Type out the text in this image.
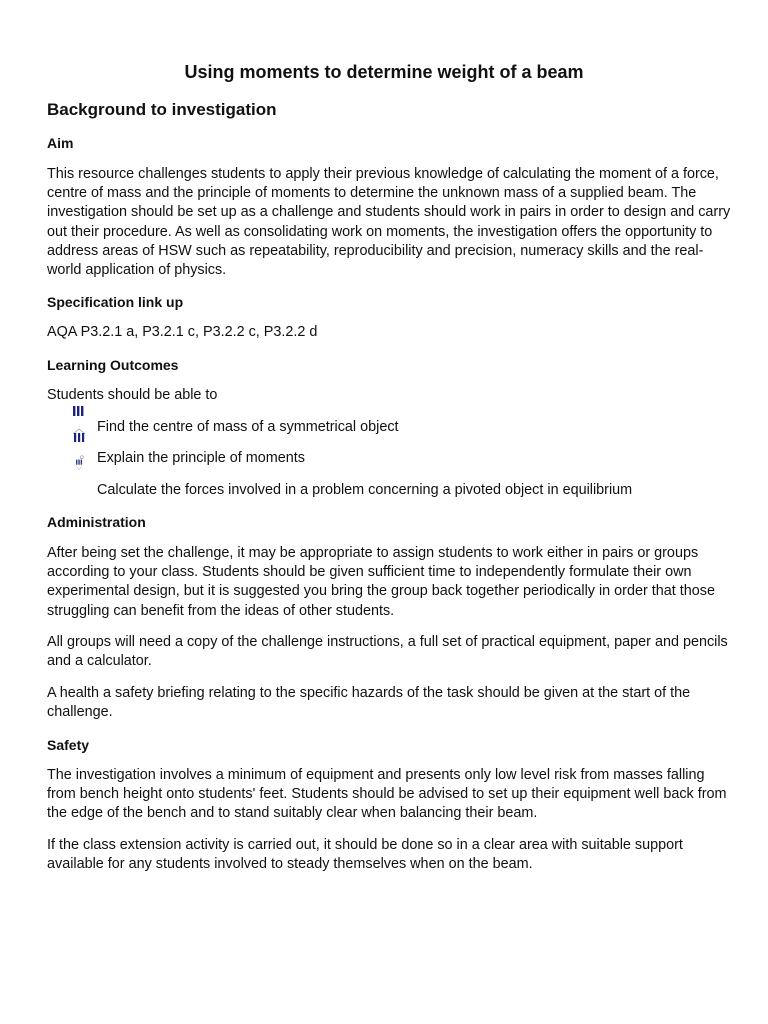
Using moments to determine weight of a beam
Background to investigation
Aim
This resource challenges students to apply their previous knowledge of calculating the moment of a force, centre of mass and the principle of moments to determine the unknown mass of a supplied beam. The investigation should be set up as a challenge and students should work in pairs in order to design and carry out their procedure. As well as consolidating work on moments, the investigation offers the opportunity to address areas of HSW such as repeatability, reproducibility and precision, numeracy skills and the real-world application of physics.
Specification link up
AQA P3.2.1 a, P3.2.1 c, P3.2.2 c, P3.2.2 d
Learning Outcomes
Students should be able to
Find the centre of mass of a symmetrical object
Explain the principle of moments
Calculate the forces involved in a problem concerning a pivoted object in equilibrium
Administration
After being set the challenge, it may be appropriate to assign students to work either in pairs or groups according to your class. Students should be given sufficient time to independently formulate their own experimental design, but it is suggested you bring the group back together periodically in order that those struggling can benefit from the ideas of other students.
All groups will need a copy of the challenge instructions, a full set of practical equipment, paper and pencils and a calculator.
A health a safety briefing relating to the specific hazards of the task should be given at the start of the challenge.
Safety
The investigation involves a minimum of equipment and presents only low level risk from masses falling from bench height onto students' feet. Students should be advised to set up their equipment well back from the edge of the bench and to stand suitably clear when balancing their beam.
If the class extension activity is carried out, it should be done so in a clear area with suitable support available for any students involved to steady themselves when on the beam.
